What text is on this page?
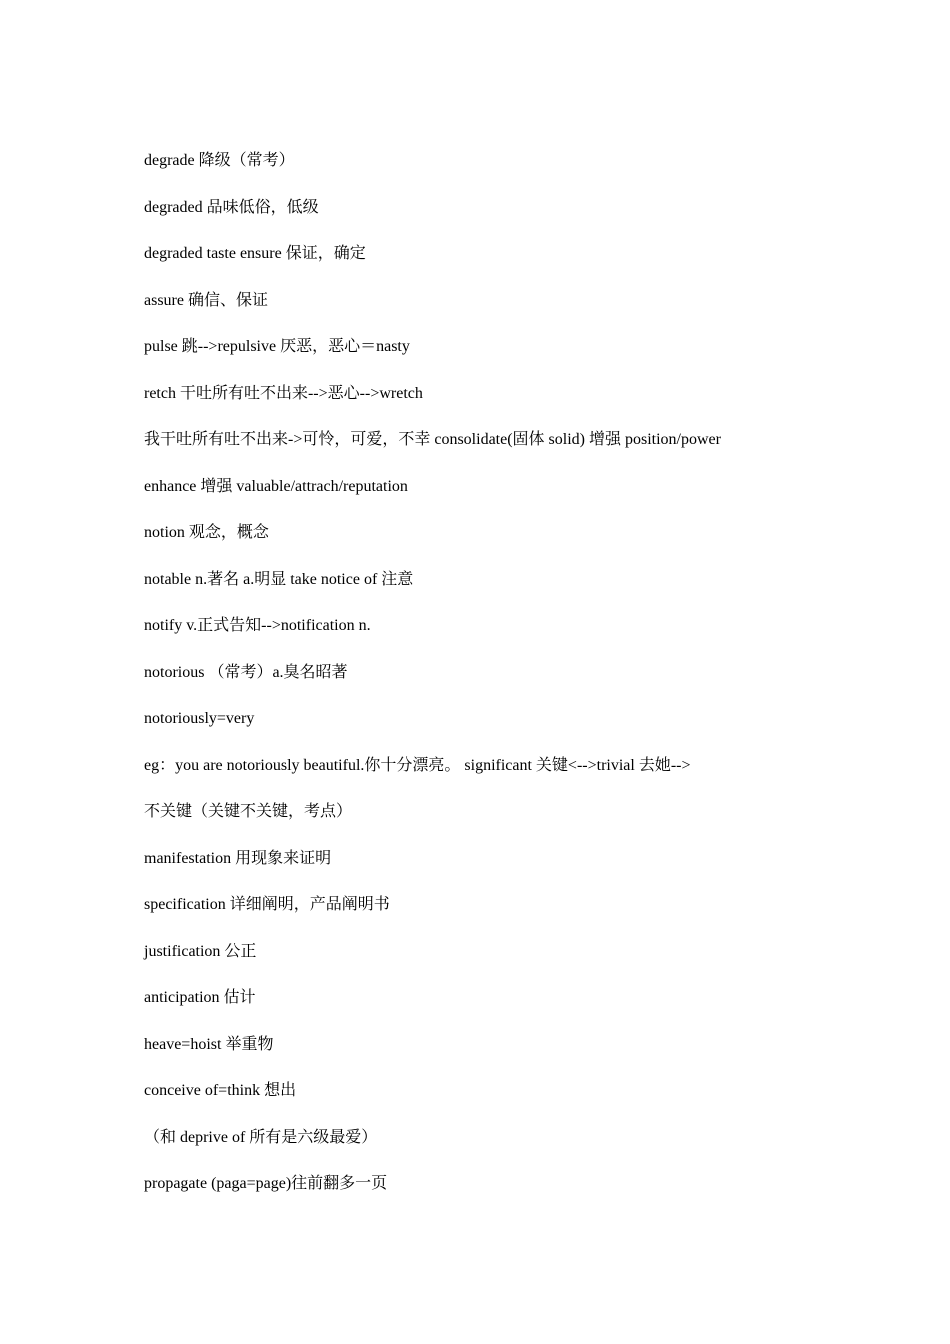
degrade 降级（常考）
degraded 品味低俗，低级
degraded taste ensure 保证，确定
assure 确信、保证
pulse 跳-->repulsive 厌恶，恶心＝nasty
retch 干吐所有吐不出来-->恶心-->wretch
我干吐所有吐不出来->可怜，可爱，不幸 consolidate(固体 solid) 增强 position/power
enhance 增强 valuable/attrach/reputation
notion 观念，概念
notable n.著名 a.明显 take notice of 注意
notify v.正式告知-->notification n.
notorious （常考）a.臭名昭著
notoriously=very
eg：you are notoriously beautiful.你十分漂亮。 significant 关键<-->trivial 去她-->
不关键（关键不关键，考点）
manifestation 用现象来证明
specification 详细阐明，产品阐明书
justification 公正
anticipation 估计
heave=hoist 举重物
conceive of=think 想出
（和 deprive of 所有是六级最爱）
propagate (paga=page)往前翻多一页
